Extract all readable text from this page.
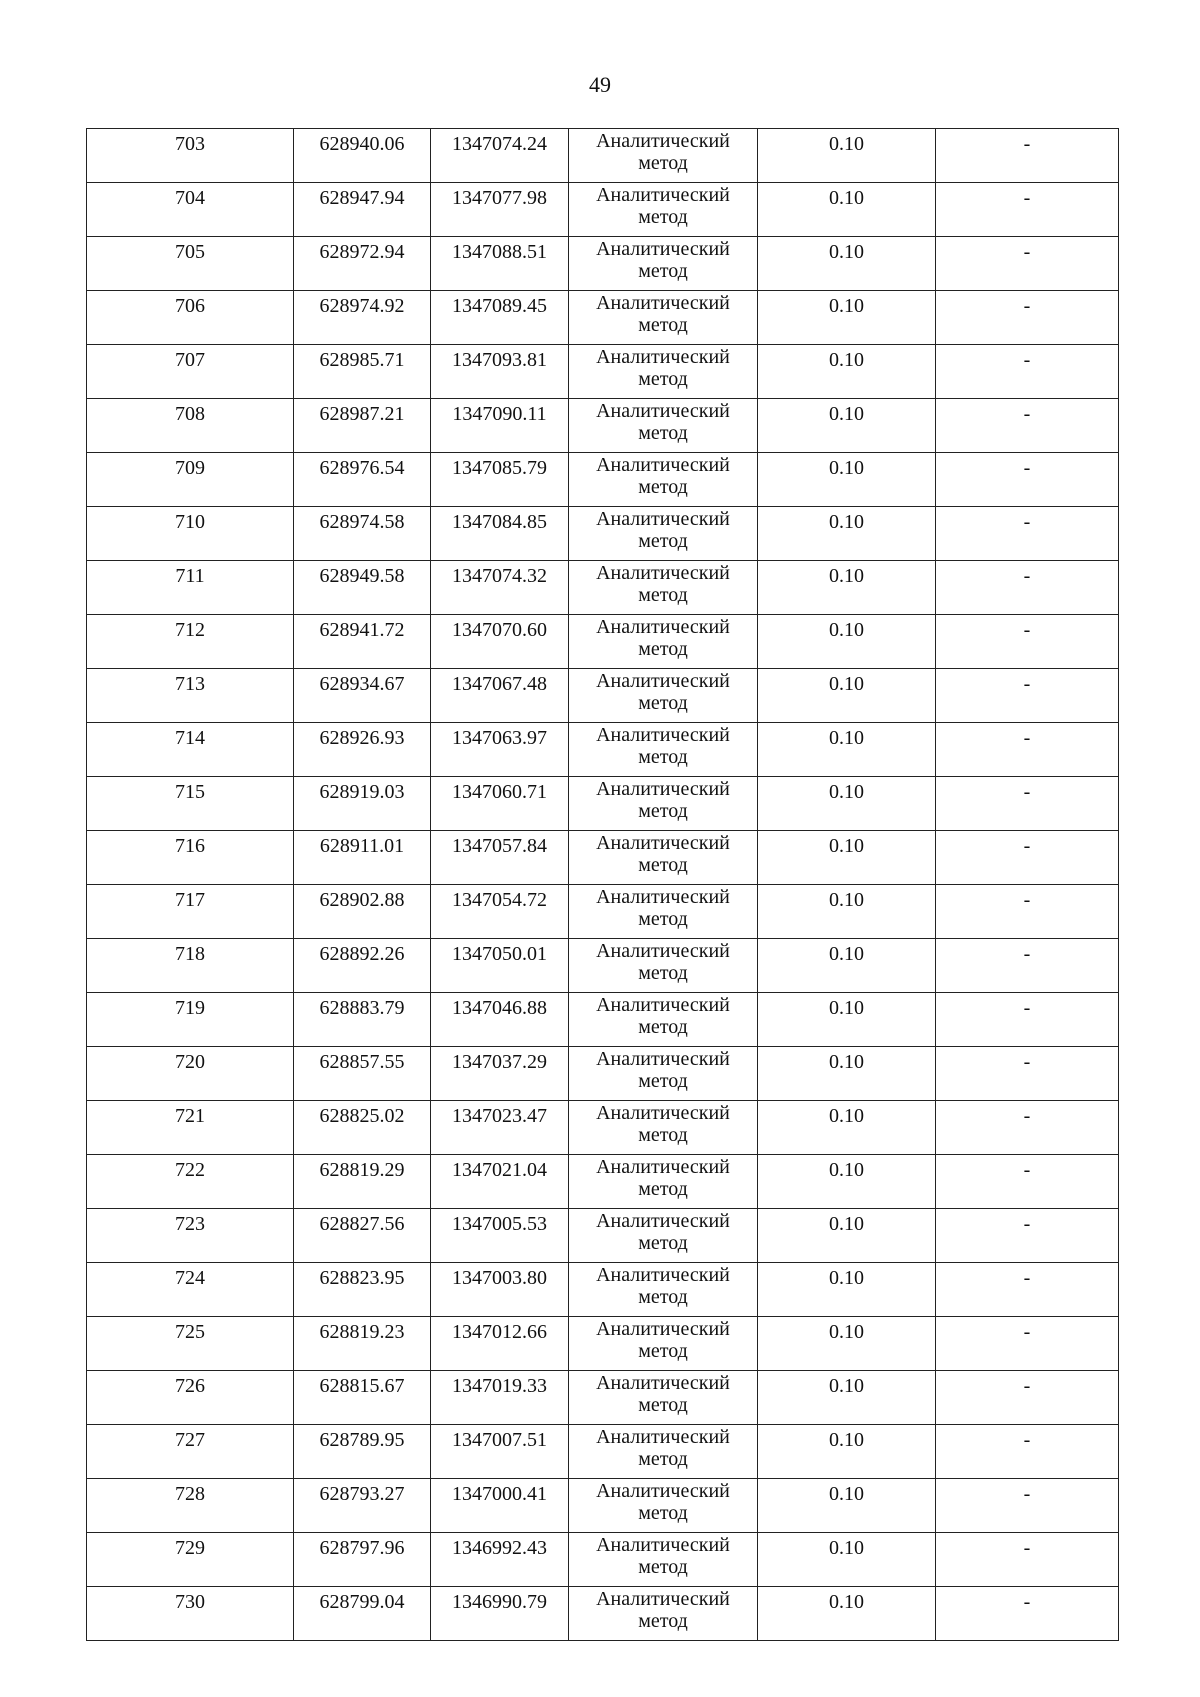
49
703	628940.06	1347074.24	Аналитический
метод	0.10	-
704	628947.94	1347077.98	Аналитический
метод	0.10	-
705	628972.94	1347088.51	Аналитический
метод	0.10	-
706	628974.92	1347089.45	Аналитический
метод	0.10	-
707	628985.71	1347093.81	Аналитический
метод	0.10	-
708	628987.21	1347090.11	Аналитический
метод	0.10	-
709	628976.54	1347085.79	Аналитический
метод	0.10	-
710	628974.58	1347084.85	Аналитический
метод	0.10	-
711	628949.58	1347074.32	Аналитический
метод	0.10	-
712	628941.72	1347070.60	Аналитический
метод	0.10	-
713	628934.67	1347067.48	Аналитический
метод	0.10	-
714	628926.93	1347063.97	Аналитический
метод	0.10	-
715	628919.03	1347060.71	Аналитический
метод	0.10	-
716	628911.01	1347057.84	Аналитический
метод	0.10	-
717	628902.88	1347054.72	Аналитический
метод	0.10	-
718	628892.26	1347050.01	Аналитический
метод	0.10	-
719	628883.79	1347046.88	Аналитический
метод	0.10	-
720	628857.55	1347037.29	Аналитический
метод	0.10	-
721	628825.02	1347023.47	Аналитический
метод	0.10	-
722	628819.29	1347021.04	Аналитический
метод	0.10	-
723	628827.56	1347005.53	Аналитический
метод	0.10	-
724	628823.95	1347003.80	Аналитический
метод	0.10	-
725	628819.23	1347012.66	Аналитический
метод	0.10	-
726	628815.67	1347019.33	Аналитический
метод	0.10	-
727	628789.95	1347007.51	Аналитический
метод	0.10	-
728	628793.27	1347000.41	Аналитический
метод	0.10	-
729	628797.96	1346992.43	Аналитический
метод	0.10	-
730	628799.04	1346990.79	Аналитический
метод	0.10	-
